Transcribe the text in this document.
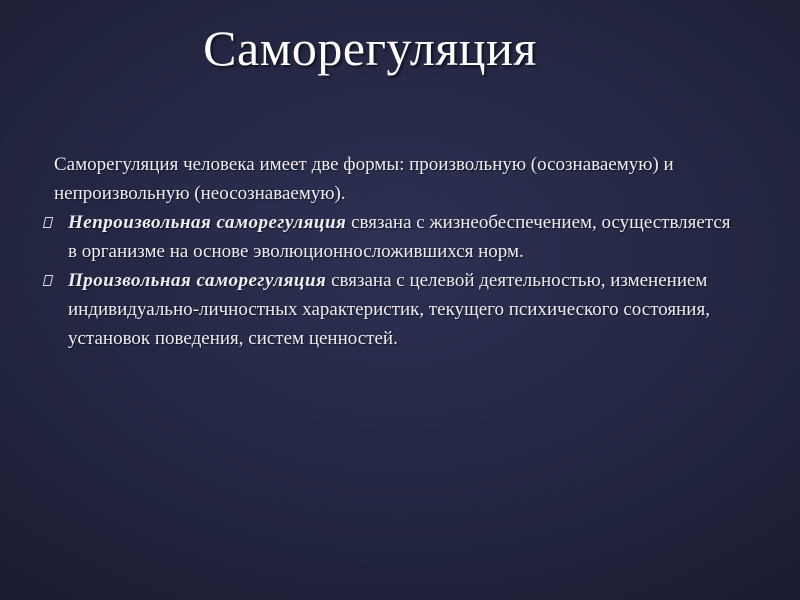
Саморегуляция

Саморегуляция человека имеет две формы: произвольную (осознаваемую) и непроизвольную (неосознаваемую).

Непроизвольная саморегуляция связана с жизнеобеспечением, осуществляется в организме на основе эволюционносложившихся норм.

Произвольная саморегуляция связана с целевой деятельностью, изменением индивидуально-личностных характеристик, текущего психического состояния, установок поведения, систем ценностей.
